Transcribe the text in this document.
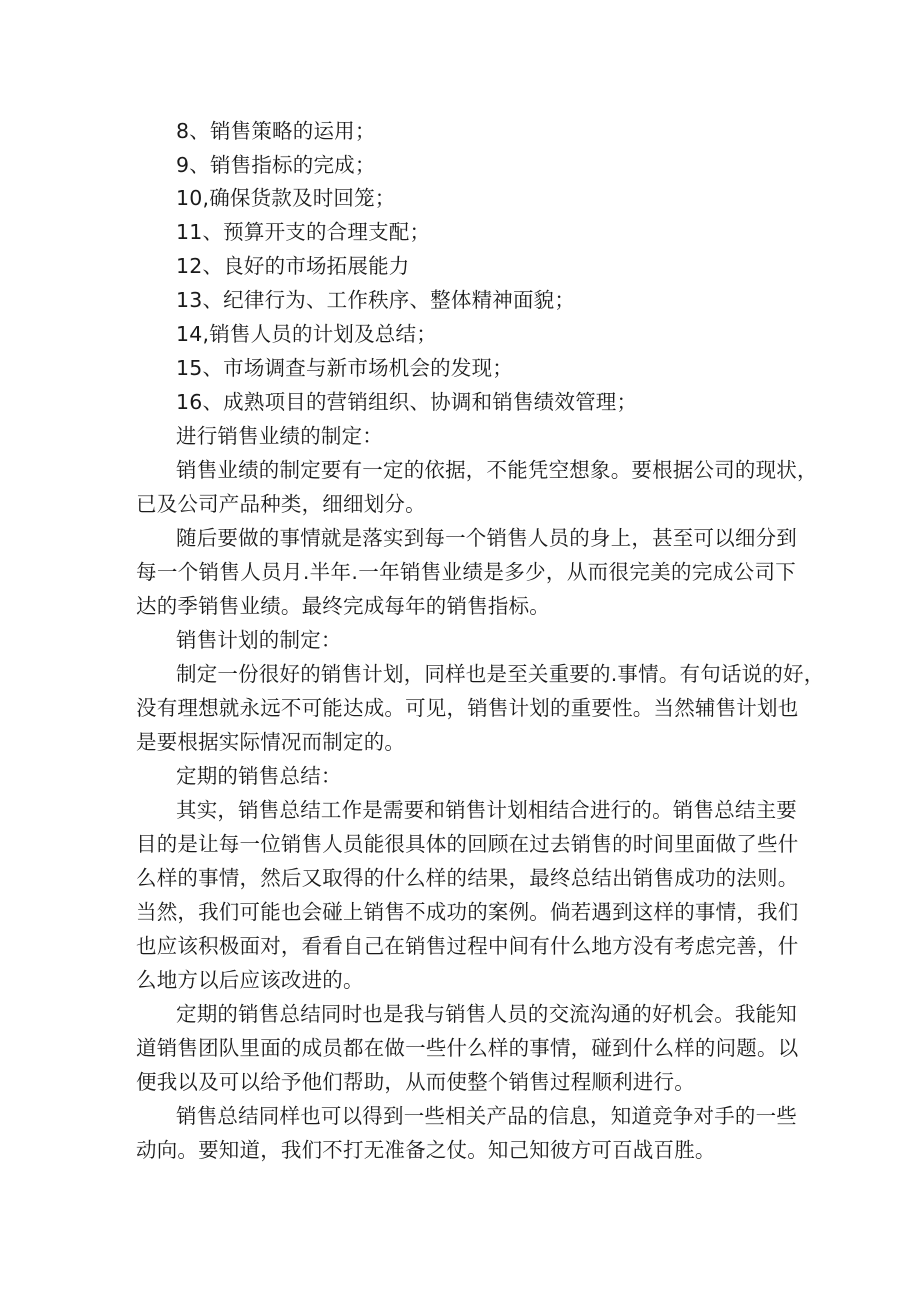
8、销售策略的运用；
9、销售指标的完成；
10,确保货款及时回笼；
11、预算开支的合理支配；
12、良好的市场拓展能力
13、纪律行为、工作秩序、整体精神面貌；
14,销售人员的计划及总结；
15、市场调查与新市场机会的发现；
16、成熟项目的营销组织、协调和销售绩效管理；
进行销售业绩的制定：
销售业绩的制定要有一定的依据，不能凭空想象。要根据公司的现状，
已及公司产品种类，细细划分。
随后要做的事情就是落实到每一个销售人员的身上，甚至可以细分到
每一个销售人员月.半年.一年销售业绩是多少，从而很完美的完成公司下
达的季销售业绩。最终完成每年的销售指标。
销售计划的制定：
制定一份很好的销售计划，同样也是至关重要的.事情。有句话说的好，
没有理想就永远不可能达成。可见，销售计划的重要性。当然辅售计划也
是要根据实际情况而制定的。
定期的销售总结：
其实，销售总结工作是需要和销售计划相结合进行的。销售总结主要
目的是让每一位销售人员能很具体的回顾在过去销售的时间里面做了些什
么样的事情，然后又取得的什么样的结果，最终总结出销售成功的法则。
当然，我们可能也会碰上销售不成功的案例。倘若遇到这样的事情，我们
也应该积极面对，看看自己在销售过程中间有什么地方没有考虑完善，什
么地方以后应该改进的。
定期的销售总结同时也是我与销售人员的交流沟通的好机会。我能知
道销售团队里面的成员都在做一些什么样的事情，碰到什么样的问题。以
便我以及可以给予他们帮助，从而使整个销售过程顺利进行。
销售总结同样也可以得到一些相关产品的信息，知道竞争对手的一些
动向。要知道，我们不打无准备之仗。知己知彼方可百战百胜。
